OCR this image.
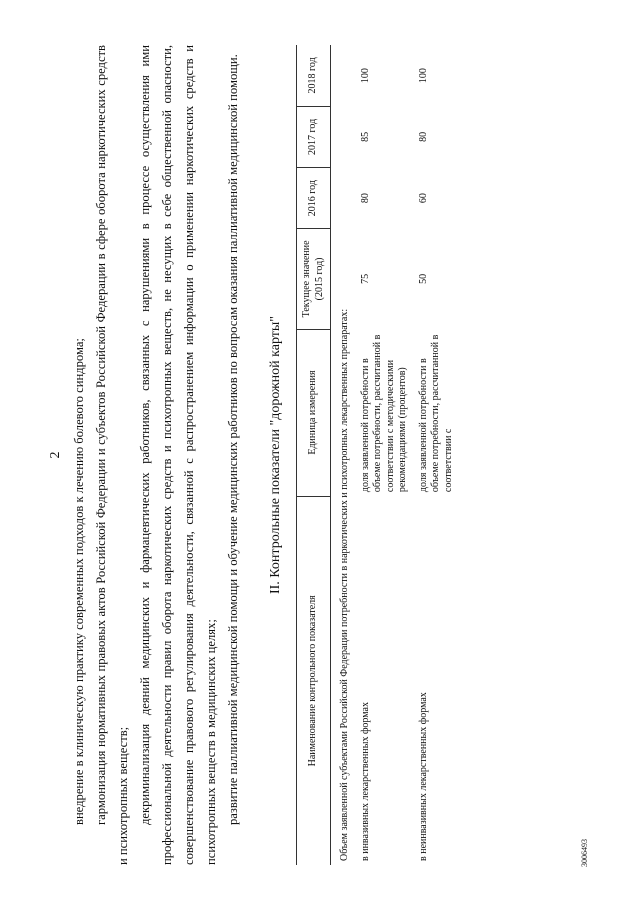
2 внедрение в клиническую практику современных подходов к лечению болевого синдрома; гармонизация нормативных правовых актов Российской Федерации и субъектов Российской Федерации в сфере оборота наркотических средств и психотропных веществ; декриминализация деяний медицинских и фармацевтических работников, связанных с нарушениями в процессе осуществления ими профессиональной деятельности правил оборота наркотических средств и психотропных веществ, не несущих в себе общественной опасности, совершенствование правового регулирования деятельности, связанной с распространением информации о применении наркотических средств и психотропных веществ в медицинских целях; развитие паллиативной медицинской помощи и обучение медицинских работников по вопросам оказания паллиативной медицинской помощи. II. Контрольные показатели "дорожной карты"
Наименование контрольного показателя	Единица измерения	Текущее значение (2015 год)	2016 год	2017 год	2018 год
Объем заявленной субъектами Российской Федерации потребности в наркотических и психотропных лекарственных препаратах:					
в инвазивных лекарственных формах	доля заявленной потребности в объеме потребности, рассчитанной в соответствии с методическими рекомендациями (процентов)	75	80	85	100
в неинвазивных лекарственных формах	доля заявленной потребности в объеме потребности, рассчитанной в соответствии с	50	60	80	100
3006493
